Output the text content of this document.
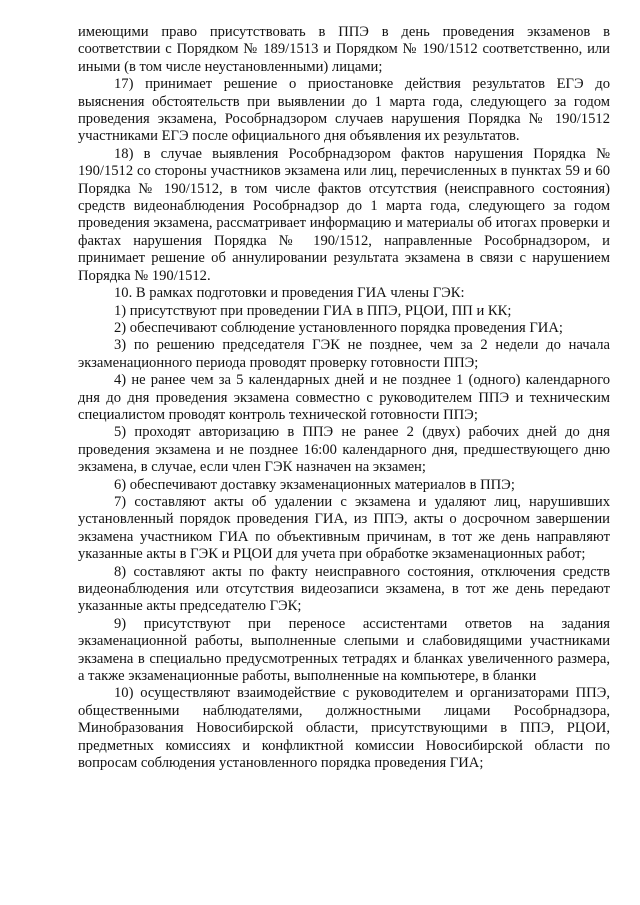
имеющими право присутствовать в ППЭ в день проведения экзаменов в соответствии с Порядком № 189/1513 и Порядком № 190/1512 соответственно, или иными (в том числе неустановленными) лицами;

17) принимает решение о приостановке действия результатов ЕГЭ до выяснения обстоятельств при выявлении до 1 марта года, следующего за годом проведения экзамена, Рособрнадзором случаев нарушения Порядка № 190/1512 участниками ЕГЭ после официального дня объявления их результатов.

18) в случае выявления Рособрнадзором фактов нарушения Порядка № 190/1512 со стороны участников экзамена или лиц, перечисленных в пунктах 59 и 60 Порядка № 190/1512, в том числе фактов отсутствия (неисправного состояния) средств видеонаблюдения Рособрнадзор до 1 марта года, следующего за годом проведения экзамена, рассматривает информацию и материалы об итогах проверки и фактах нарушения Порядка № 190/1512, направленные Рособрнадзором, и принимает решение об аннулировании результата экзамена в связи с нарушением Порядка № 190/1512.

10. В рамках подготовки и проведения ГИА члены ГЭК:

1) присутствуют при проведении ГИА в ППЭ, РЦОИ, ПП и КК;

2) обеспечивают соблюдение установленного порядка проведения ГИА;

3) по решению председателя ГЭК не позднее, чем за 2 недели до начала экзаменационного периода проводят проверку готовности ППЭ;

4) не ранее чем за 5 календарных дней и не позднее 1 (одного) календарного дня до дня проведения экзамена совместно с руководителем ППЭ и техническим специалистом проводят контроль технической готовности ППЭ;

5) проходят авторизацию в ППЭ не ранее 2 (двух) рабочих дней до дня проведения экзамена и не позднее 16:00 календарного дня, предшествующего дню экзамена, в случае, если член ГЭК назначен на экзамен;

6) обеспечивают доставку экзаменационных материалов в ППЭ;

7) составляют акты об удалении с экзамена и удаляют лиц, нарушивших установленный порядок проведения ГИА, из ППЭ, акты о досрочном завершении экзамена участником ГИА по объективным причинам, в тот же день направляют указанные акты в ГЭК и РЦОИ для учета при обработке экзаменационных работ;

8) составляют акты по факту неисправного состояния, отключения средств видеонаблюдения или отсутствия видеозаписи экзамена, в тот же день передают указанные акты председателю ГЭК;

9) присутствуют при переносе ассистентами ответов на задания экзаменационной работы, выполненные слепыми и слабовидящими участниками экзамена в специально предусмотренных тетрадях и бланках увеличенного размера, а также экзаменационные работы, выполненные на компьютере, в бланки

10) осуществляют взаимодействие с руководителем и организаторами ППЭ, общественными наблюдателями, должностными лицами Рособрнадзора, Минобразования Новосибирской области, присутствующими в ППЭ, РЦОИ, предметных комиссиях и конфликтной комиссии Новосибирской области по вопросам соблюдения установленного порядка проведения ГИА;
